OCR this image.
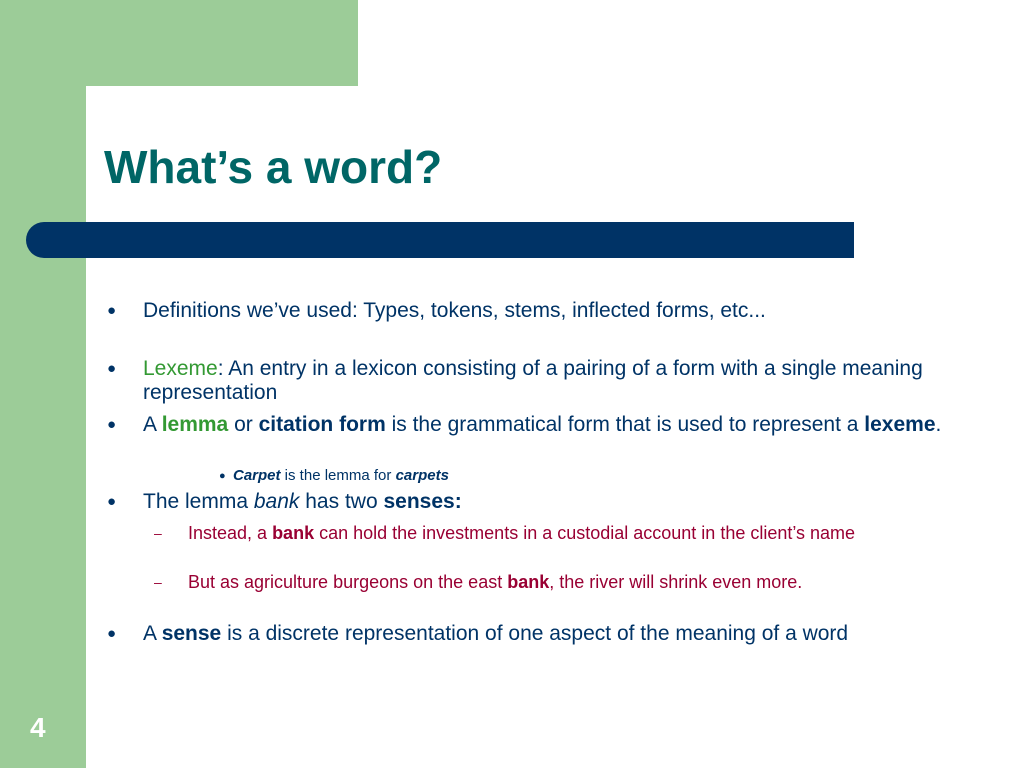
What’s a word?
● Definitions we’ve used: Types, tokens, stems, inflected forms, etc...
● Lexeme: An entry in a lexicon consisting of a pairing of a form with a single meaning representation
● A lemma or citation form is the grammatical form that is used to represent a lexeme.
● Carpet is the lemma for carpets
● The lemma bank has two senses:
– Instead, a bank can hold the investments in a custodial account in the client’s name
– But as agriculture burgeons on the east bank, the river will shrink even more.
● A sense is a discrete representation of one aspect of the meaning of a word
4
